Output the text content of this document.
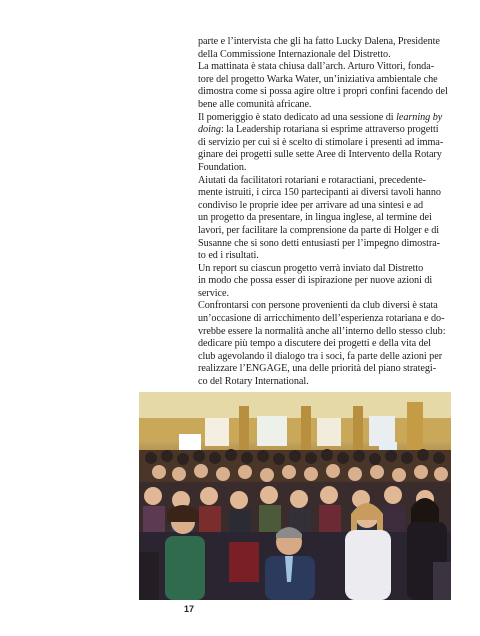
parte e l’intervista che gli ha fatto Lucky Dalena, Presidente
della Commissione Internazionale del Distretto.

La mattinata è stata chiusa dall’arch. Arturo Vittori, fonda-
tore del progetto Warka Water, un’iniziativa ambientale che
dimostra come si possa agire oltre i propri confini facendo del
bene alle comunità africane.

Il pomeriggio è stato dedicato ad una sessione di learning by
doing: la Leadership rotariana si esprime attraverso progetti
di servizio per cui si è scelto di stimolare i presenti ad imma-
ginare dei progetti sulle sette Aree di Intervento della Rotary
Foundation.

Aiutati da facilitatori rotariani e rotaractiani, precedente-
mente istruiti, i circa 150 partecipanti ai diversi tavoli hanno
condiviso le proprie idee per arrivare ad una sintesi e ad
un progetto da presentare, in lingua inglese, al termine dei
lavori, per facilitare la comprensione da parte di Holger e di
Susanne che si sono detti entusiasti per l’impegno dimostra-
to ed i risultati.

Un report su ciascun progetto verrà inviato dal Distretto
in modo che possa esser di ispirazione per nuove azioni di
service.

Confrontarsi con persone provenienti da club diversi è stata
un’occasione di arricchimento dell’esperienza rotariana e do-
vrebbe essere la normalità anche all’interno dello stesso club:
dedicare più tempo a discutere dei progetti e della vita del
club agevolando il dialogo tra i soci, fa parte delle azioni per
realizzare l’ENGAGE, una delle priorità del piano strategi-
co del Rotary International.

17
